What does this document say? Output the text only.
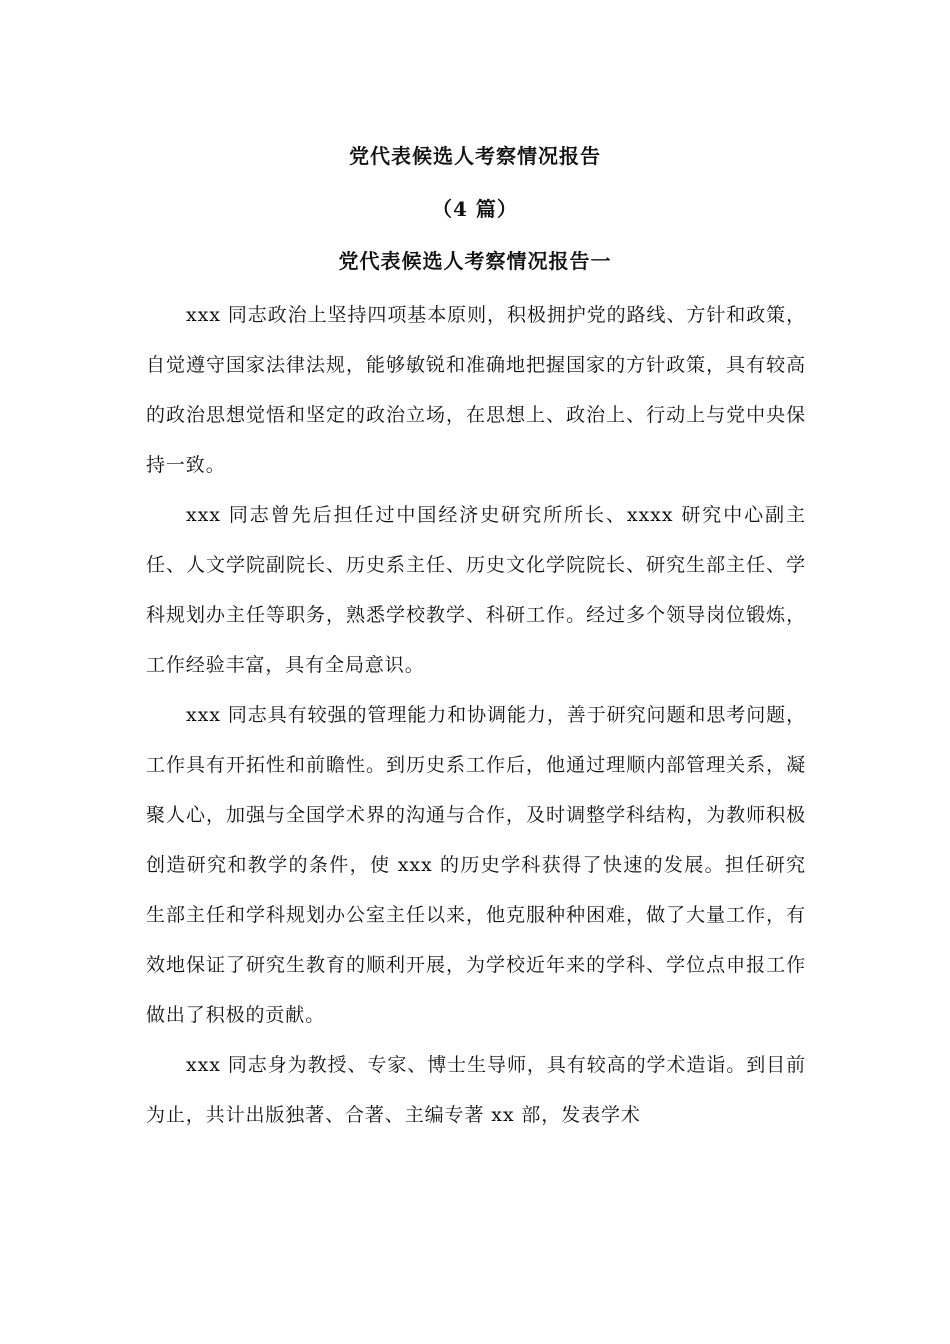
党代表候选人考察情况报告
（4 篇）
党代表候选人考察情况报告一

xxx 同志政治上坚持四项基本原则，积极拥护党的路线、方针和政策，自觉遵守国家法律法规，能够敏锐和准确地把握国家的方针政策，具有较高的政治思想觉悟和坚定的政治立场，在思想上、政治上、行动上与党中央保持一致。

xxx 同志曾先后担任过中国经济史研究所所长、xxxx 研究中心副主任、人文学院副院长、历史系主任、历史文化学院院长、研究生部主任、学科规划办主任等职务，熟悉学校教学、科研工作。经过多个领导岗位锻炼，工作经验丰富，具有全局意识。

xxx 同志具有较强的管理能力和协调能力，善于研究问题和思考问题，工作具有开拓性和前瞻性。到历史系工作后，他通过理顺内部管理关系，凝聚人心，加强与全国学术界的沟通与合作，及时调整学科结构，为教师积极创造研究和教学的条件，使 xxx 的历史学科获得了快速的发展。担任研究生部主任和学科规划办公室主任以来，他克服种种困难，做了大量工作，有效地保证了研究生教育的顺利开展，为学校近年来的学科、学位点申报工作做出了积极的贡献。

xxx 同志身为教授、专家、博士生导师，具有较高的学术造诣。到目前为止，共计出版独著、合著、主编专著 xx 部，发表学术
